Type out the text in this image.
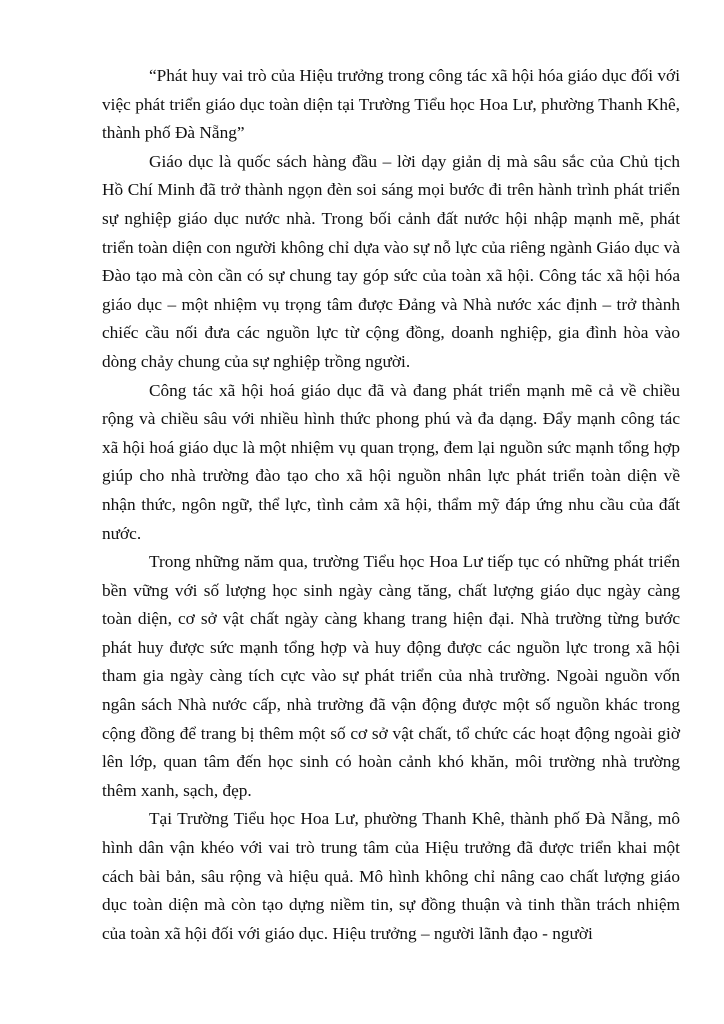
“Phát huy vai trò của Hiệu trưởng trong công tác xã hội hóa giáo dục đối với việc phát triển giáo dục toàn diện tại Trường Tiểu học Hoa Lư, phường Thanh Khê, thành phố Đà Nẵng”

Giáo dục là quốc sách hàng đầu – lời dạy giản dị mà sâu sắc của Chủ tịch Hồ Chí Minh đã trở thành ngọn đèn soi sáng mọi bước đi trên hành trình phát triển sự nghiệp giáo dục nước nhà. Trong bối cảnh đất nước hội nhập mạnh mẽ, phát triển toàn diện con người không chỉ dựa vào sự nỗ lực của riêng ngành Giáo dục và Đào tạo mà còn cần có sự chung tay góp sức của toàn xã hội. Công tác xã hội hóa giáo dục – một nhiệm vụ trọng tâm được Đảng và Nhà nước xác định – trở thành chiếc cầu nối đưa các nguồn lực từ cộng đồng, doanh nghiệp, gia đình hòa vào dòng chảy chung của sự nghiệp trồng người.

Công tác xã hội hoá giáo dục đã và đang phát triển mạnh mẽ cả về chiều rộng và chiều sâu với nhiều hình thức phong phú và đa dạng. Đẩy mạnh công tác xã hội hoá giáo dục là một nhiệm vụ quan trọng, đem lại nguồn sức mạnh tổng hợp giúp cho nhà trường đào tạo cho xã hội nguồn nhân lực phát triển toàn diện về nhận thức, ngôn ngữ, thể lực, tình cảm xã hội, thẩm mỹ đáp ứng nhu cầu của đất nước.

Trong những năm qua, trường Tiểu học Hoa Lư tiếp tục có những phát triển bền vững với số lượng học sinh ngày càng tăng, chất lượng giáo dục ngày càng toàn diện, cơ sở vật chất ngày càng khang trang hiện đại. Nhà trường từng bước phát huy được sức mạnh tổng hợp và huy động được các nguồn lực trong xã hội tham gia ngày càng tích cực vào sự phát triển của nhà trường. Ngoài nguồn vốn ngân sách Nhà nước cấp, nhà trường đã vận động được một số nguồn khác trong cộng đồng để trang bị thêm một số cơ sở vật chất, tổ chức các hoạt động ngoài giờ lên lớp, quan tâm đến học sinh có hoàn cảnh khó khăn, môi trường nhà trường thêm xanh, sạch, đẹp.

Tại Trường Tiểu học Hoa Lư, phường Thanh Khê, thành phố Đà Nẵng, mô hình dân vận khéo với vai trò trung tâm của Hiệu trưởng đã được triển khai một cách bài bản, sâu rộng và hiệu quả. Mô hình không chỉ nâng cao chất lượng giáo dục toàn diện mà còn tạo dựng niềm tin, sự đồng thuận và tinh thần trách nhiệm của toàn xã hội đối với giáo dục. Hiệu trưởng – người lãnh đạo - người
